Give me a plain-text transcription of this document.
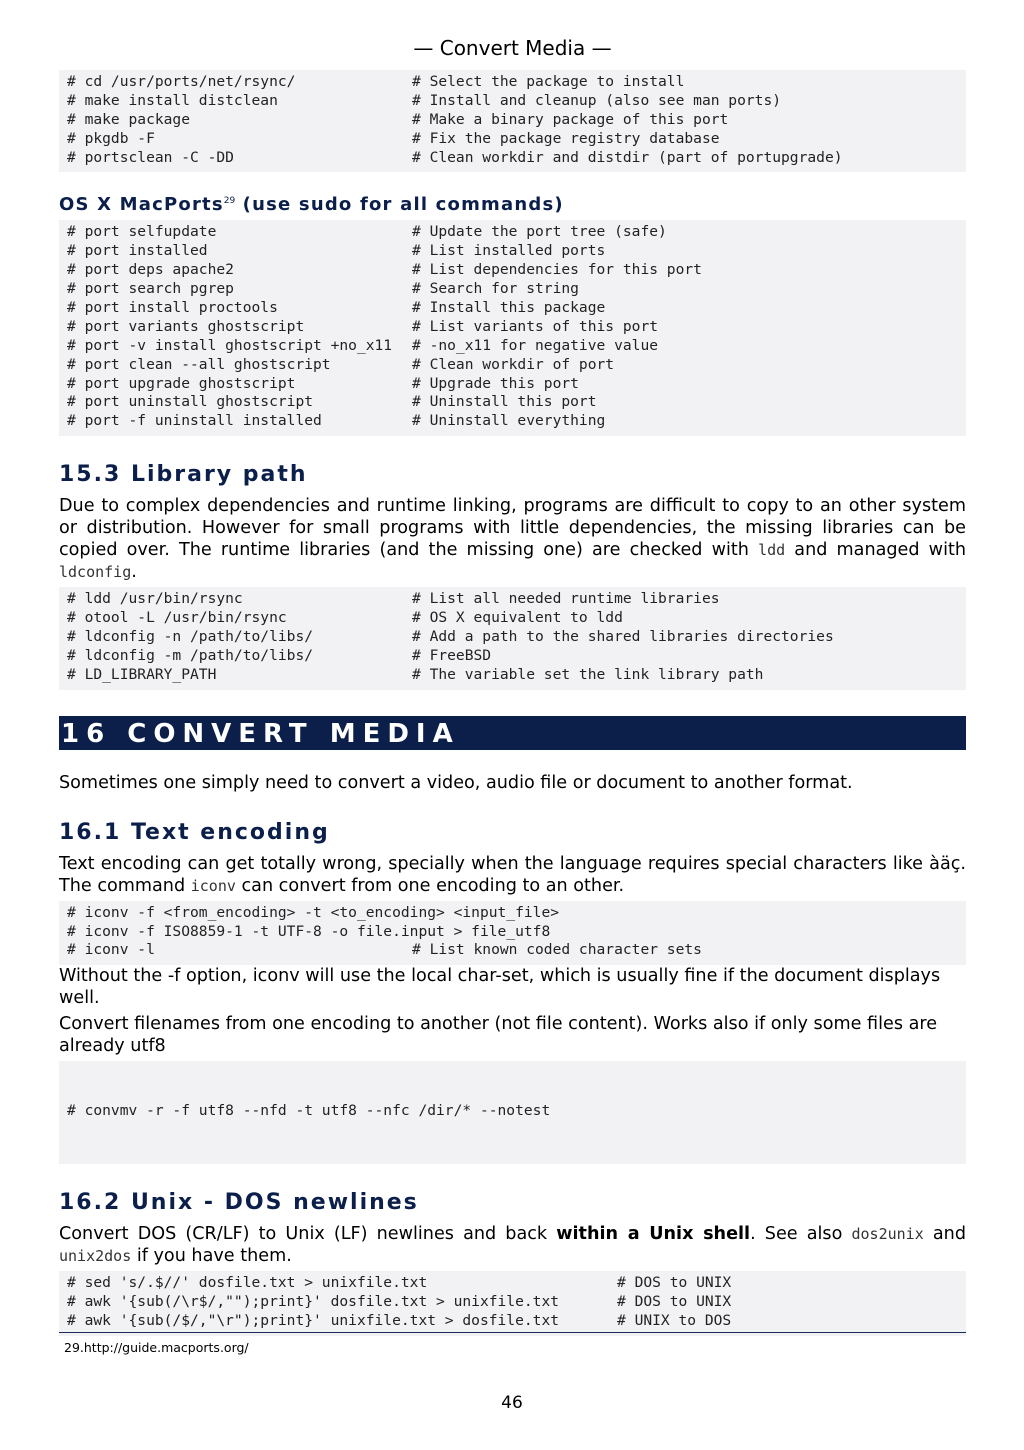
— Convert Media —
# cd /usr/ports/net/rsync/	# Select the package to install
# make install distclean	# Install and cleanup (also see man ports)
# make package	# Make a binary package of this port
# pkgdb -F	# Fix the package registry database
# portsclean -C -DD	# Clean workdir and distdir (part of portupgrade)
OS X MacPorts$^{29}$ (use sudo for all commands)
# port selfupdate	# Update the port tree (safe)
# port installed	# List installed ports
# port deps apache2	# List dependencies for this port
# port search pgrep	# Search for string
# port install proctools	# Install this package
# port variants ghostscript	# List variants of this port
# port -v install ghostscript +no_x11 # -no_x11 for negative value
# port clean --all ghostscript	# Clean workdir of port
# port upgrade ghostscript	# Upgrade this port
# port uninstall ghostscript	# Uninstall this port
# port -f uninstall installed	# Uninstall everything
15.3 Library path
Due to complex dependencies and runtime linking, programs are difficult to copy to an other system or distribution. However for small programs with little dependencies, the missing libraries can be copied over. The runtime libraries (and the missing one) are checked with ldd and managed with ldconfig.
# ldd /usr/bin/rsync	# List all needed runtime libraries
# otool -L /usr/bin/rsync	# OS X equivalent to ldd
# ldconfig -n /path/to/libs/	# Add a path to the shared libraries directories
# ldconfig -m /path/to/libs/	# FreeBSD
# LD_LIBRARY_PATH	# The variable set the link library path
16 CONVERT MEDIA
Sometimes one simply need to convert a video, audio file or document to another format.
16.1 Text encoding
Text encoding can get totally wrong, specially when the language requires special characters like àäç. The command iconv can convert from one encoding to an other.
# iconv -f <from_encoding> -t <to_encoding> <input_file>
# iconv -f ISO8859-1 -t UTF-8 -o file.input > file_utf8
# iconv -l	# List known coded character sets
Without the -f option, iconv will use the local char-set, which is usually fine if the document displays well.
Convert filenames from one encoding to another (not file content). Works also if only some files are already utf8

# convmv -r -f utf8 --nfd -t utf8 --nfc /dir/* --notest

16.2 Unix - DOS newlines
Convert DOS (CR/LF) to Unix (LF) newlines and back within a Unix shell. See also dos2unix and unix2dos if you have them.
# sed 's/.$//' dosfile.txt > unixfile.txt	# DOS to UNIX
# awk '{sub(/\r$/,"");print}' dosfile.txt > unixfile.txt	# DOS to UNIX
# awk '{sub(/$/,"\r");print}' unixfile.txt > dosfile.txt	# UNIX to DOS
29.http://guide.macports.org/
46
